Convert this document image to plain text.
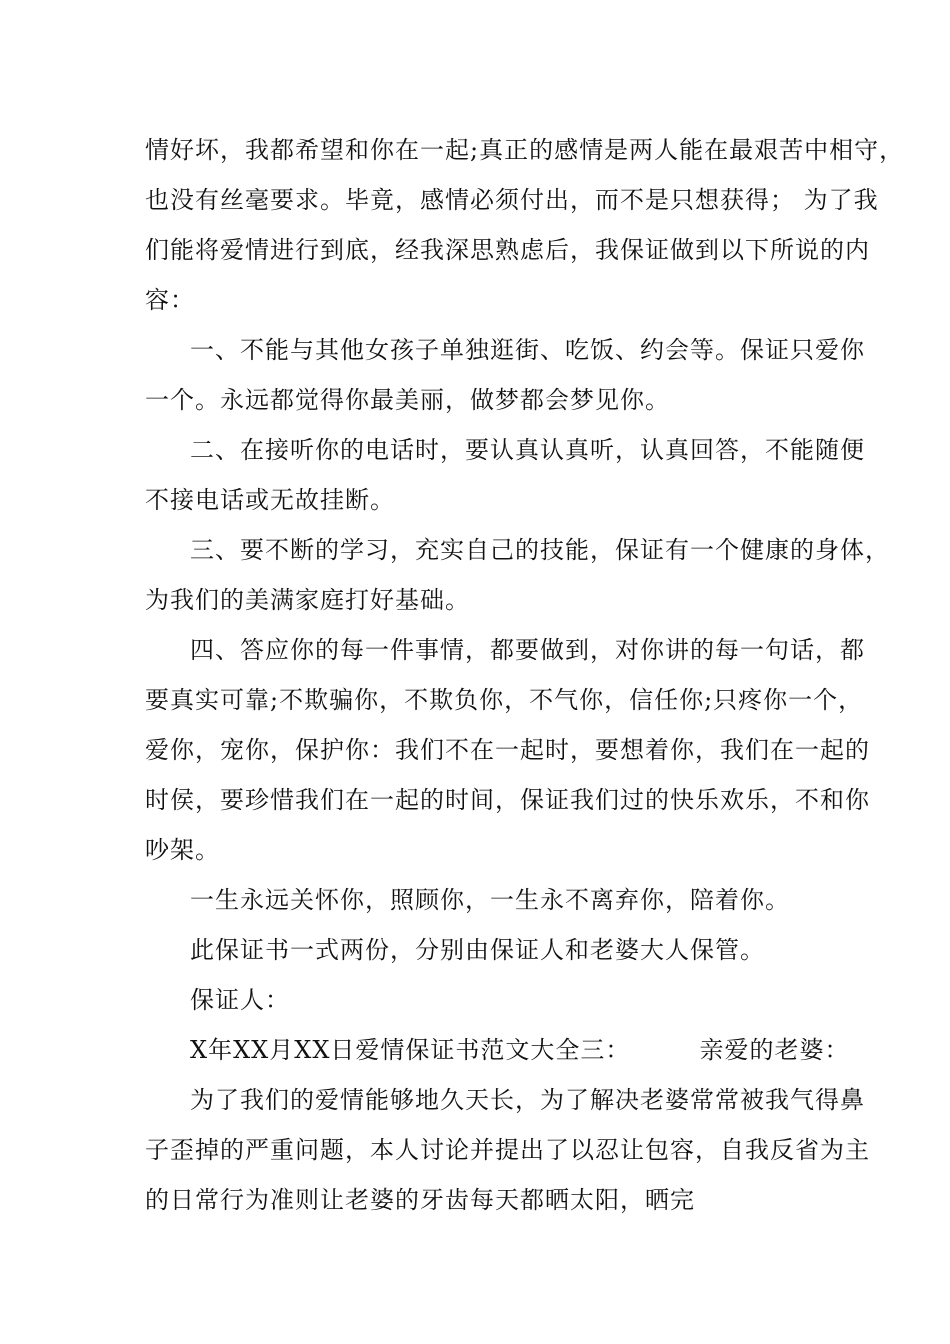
情好坏，我都希望和你在一起;真正的感情是两人能在最艰苦中相守，
也没有丝毫要求。毕竟，感情必须付出，而不是只想获得； 为了我
们能将爱情进行到底，经我深思熟虑后，我保证做到以下所说的内
容：
一、不能与其他女孩子单独逛街、吃饭、约会等。保证只爱你
一个。永远都觉得你最美丽，做梦都会梦见你。
二、在接听你的电话时，要认真认真听，认真回答，不能随便
不接电话或无故挂断。
三、要不断的学习，充实自己的技能，保证有一个健康的身体，
为我们的美满家庭打好基础。
四、答应你的每一件事情，都要做到，对你讲的每一句话，都
要真实可靠;不欺骗你，不欺负你，不气你，信任你;只疼你一个，
爱你，宠你，保护你：我们不在一起时，要想着你，我们在一起的
时侯，要珍惜我们在一起的时间，保证我们过的快乐欢乐，不和你
吵架。
一生永远关怀你，照顾你，一生永不离弃你，陪着你。
此保证书一式两份，分别由保证人和老婆大人保管。
保证人：
X年XX月XX日爱情保证书范文大全三：        亲爱的老婆：
为了我们的爱情能够地久天长，为了解决老婆常常被我气得鼻
子歪掉的严重问题，本人讨论并提出了以忍让包容，自我反省为主
的日常行为准则让老婆的牙齿每天都晒太阳，晒完
